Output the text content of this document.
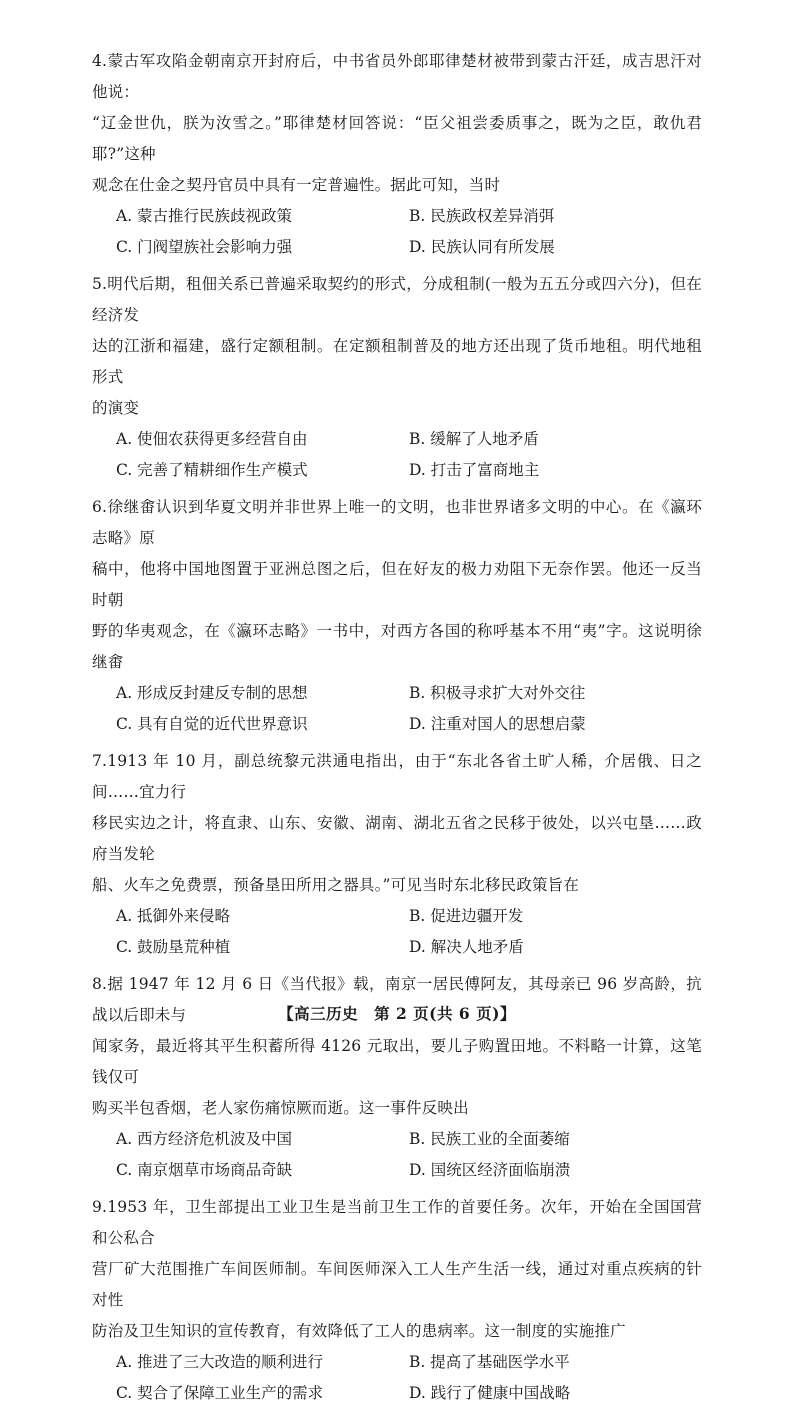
4.蒙古军攻陷金朝南京开封府后，中书省员外郎耶律楚材被带到蒙古汗廷，成吉思汗对他说：
“辽金世仇，朕为汝雪之。”耶律楚材回答说：“臣父祖尝委质事之，既为之臣，敢仇君耶?”这种
观念在仕金之契丹官员中具有一定普遍性。据此可知，当时
A. 蒙古推行民族歧视政策	B. 民族政权差异消弭
C. 门阀望族社会影响力强	D. 民族认同有所发展
5.明代后期，租佃关系已普遍采取契约的形式，分成租制(一般为五五分或四六分)，但在经济发
达的江浙和福建，盛行定额租制。在定额租制普及的地方还出现了货币地租。明代地租形式
的演变
A. 使佃农获得更多经营自由	B. 缓解了人地矛盾
C. 完善了精耕细作生产模式	D. 打击了富商地主
6.徐继畬认识到华夏文明并非世界上唯一的文明，也非世界诸多文明的中心。在《瀛环志略》原
稿中，他将中国地图置于亚洲总图之后，但在好友的极力劝阻下无奈作罢。他还一反当时朝
野的华夷观念，在《瀛环志略》一书中，对西方各国的称呼基本不用“夷”字。这说明徐继畬
A. 形成反封建反专制的思想	B. 积极寻求扩大对外交往
C. 具有自觉的近代世界意识	D. 注重对国人的思想启蒙
7.1913 年 10 月，副总统黎元洪通电指出，由于“东北各省土旷人稀，介居俄、日之间……宜力行
移民实边之计，将直隶、山东、安徽、湖南、湖北五省之民移于彼处，以兴屯垦……政府当发轮
船、火车之免费票，预备垦田所用之器具。”可见当时东北移民政策旨在
A. 抵御外来侵略	B. 促进边疆开发
C. 鼓励垦荒种植	D. 解决人地矛盾
8.据 1947 年 12 月 6 日《当代报》载，南京一居民傅阿友，其母亲已 96 岁高龄，抗战以后即未与
闻家务，最近将其平生积蓄所得 4126 元取出，要儿子购置田地。不料略一计算，这笔钱仅可
购买半包香烟，老人家伤痛惊厥而逝。这一事件反映出
A. 西方经济危机波及中国	B. 民族工业的全面萎缩
C. 南京烟草市场商品奇缺	D. 国统区经济面临崩溃
9.1953 年，卫生部提出工业卫生是当前卫生工作的首要任务。次年，开始在全国国营和公私合
营厂矿大范围推广车间医师制。车间医师深入工人生产生活一线，通过对重点疾病的针对性
防治及卫生知识的宣传教育，有效降低了工人的患病率。这一制度的实施推广
A. 推进了三大改造的顺利进行	B. 提高了基础医学水平
C. 契合了保障工业生产的需求	D. 践行了健康中国战略
【高三历史　第 2 页(共 6 页)】
